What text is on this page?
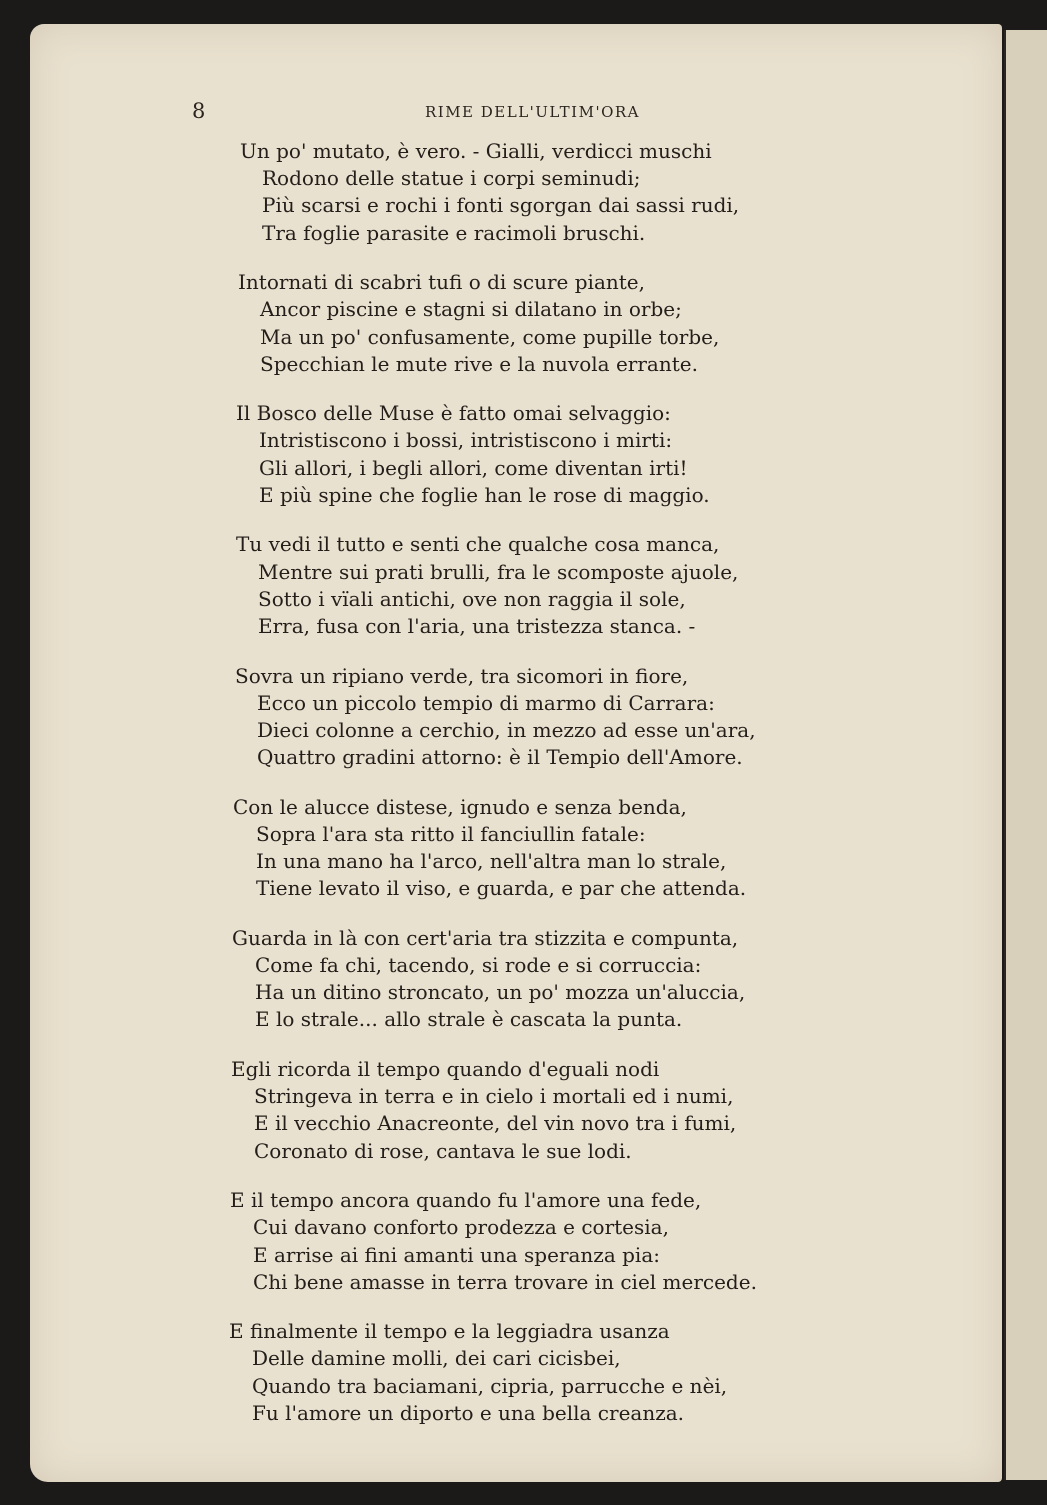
8	RIME DELL'ULTIM'ORA
Un po' mutato, è vero. - Gialli, verdicci muschi
Rodono delle statue i corpi seminudi;
Più scarsi e rochi i fonti sgorgan dai sassi rudi,
Tra foglie parasite e racimoli bruschi.
Intornati di scabri tufi o di scure piante,
Ancor piscine e stagni si dilatano in orbe;
Ma un po' confusamente, come pupille torbe,
Specchian le mute rive e la nuvola errante.
Il Bosco delle Muse è fatto omai selvaggio:
Intristiscono i bossi, intristiscono i mirti:
Gli allori, i begli allori, come diventan irti!
E più spine che foglie han le rose di maggio.
Tu vedi il tutto e senti che qualche cosa manca,
Mentre sui prati brulli, fra le scomposte ajuole,
Sotto i vïali antichi, ove non raggia il sole,
Erra, fusa con l'aria, una tristezza stanca. -
Sovra un ripiano verde, tra sicomori in fiore,
Ecco un piccolo tempio di marmo di Carrara:
Dieci colonne a cerchio, in mezzo ad esse un'ara,
Quattro gradini attorno: è il Tempio dell'Amore.
Con le alucce distese, ignudo e senza benda,
Sopra l'ara sta ritto il fanciullin fatale:
In una mano ha l'arco, nell'altra man lo strale,
Tiene levato il viso, e guarda, e par che attenda.
Guarda in là con cert'aria tra stizzita e compunta,
Come fa chi, tacendo, si rode e si corruccia:
Ha un ditino stroncato, un po' mozza un'aluccia,
E lo strale... allo strale è cascata la punta.
Egli ricorda il tempo quando d'eguali nodi
Stringeva in terra e in cielo i mortali ed i numi,
E il vecchio Anacreonte, del vin novo tra i fumi,
Coronato di rose, cantava le sue lodi.
E il tempo ancora quando fu l'amore una fede,
Cui davano conforto prodezza e cortesia,
E arrise ai fini amanti una speranza pia:
Chi bene amasse in terra trovare in ciel mercede.
E finalmente il tempo e la leggiadra usanza
Delle damine molli, dei cari cicisbei,
Quando tra baciamani, cipria, parrucche e nèi,
Fu l'amore un diporto e una bella creanza.
